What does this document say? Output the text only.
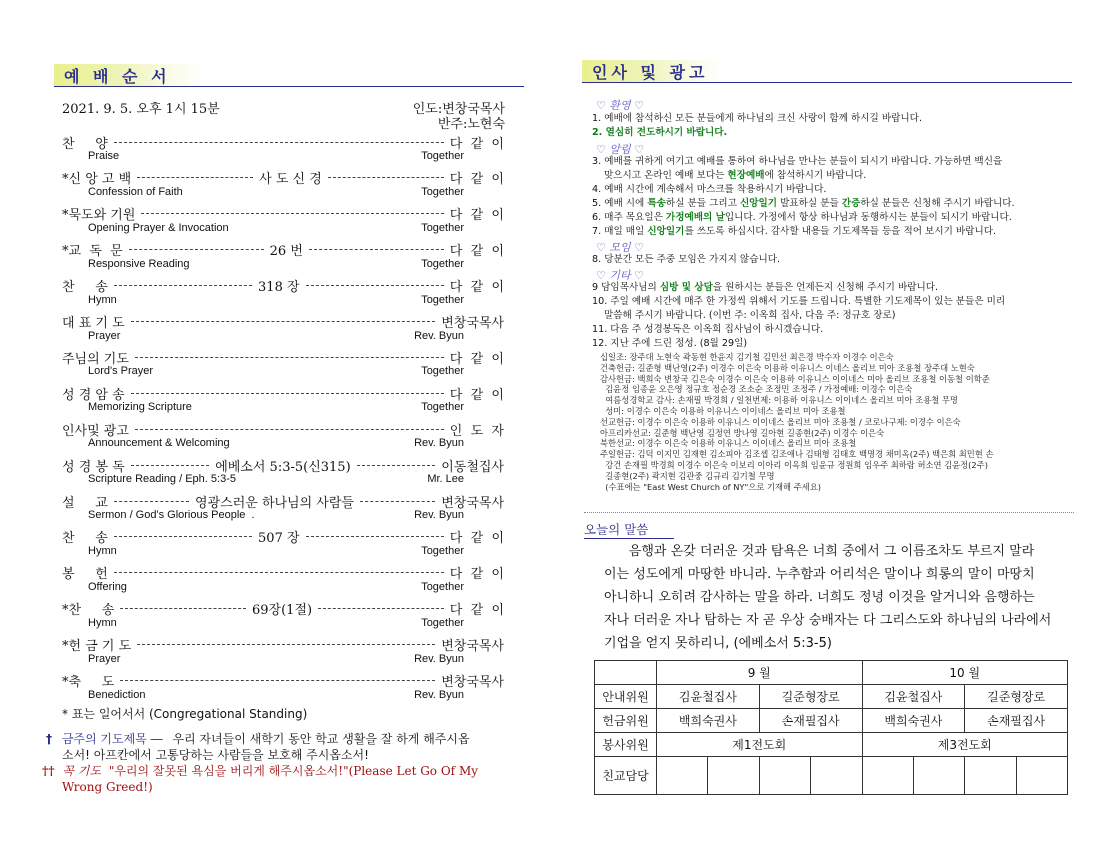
예 배 순 서
2021. 9. 5. 오후 1시 15분	인도:변창국목사
반주:노현숙
찬     양	다  같  이
Praise	Together
*신 앙 고 백	사 도 신 경	다  같  이
Confession of Faith	Together
*묵도와 기원	다  같  이
Opening Prayer & Invocation	Together
*교  독  문	26 번	다  같  이
Responsive Reading	Together
찬     송	318 장	다  같  이
Hymn	Together
대 표 기 도	변창국목사
Prayer	Rev. Byun
주님의 기도	다  같  이
Lord's Prayer	Together
성 경 암 송	다  같  이
Memorizing Scripture	Together
인사및 광고	인  도  자
Announcement & Welcoming	Rev. Byun
성 경 봉 독	에베소서 5:3-5(신315)	이동철집사
Scripture Reading / Eph. 5:3-5	Mr. Lee
설     교	영광스러운 하나님의 사람들	변창국목사
Sermon / God's Glorious People  .	Rev. Byun
찬     송	507 장	다  같  이
Hymn	Together
봉     헌	다  같  이
Offering	Together
*찬     송	69장(1절)	다  같  이
Hymn	Together
*헌 금 기 도	변창국목사
Prayer	Rev. Byun
*축     도	변창국목사
Benediction	Rev. Byun
* 표는 일어서서 (Congregational Standing)
† 금주의 기도제목 ― 우리 자녀들이 새학기 동안 학교 생활을 잘 하게 해주시옵
소서! 아프칸에서 고통당하는 사람들을 보호해 주시옵소서!
†† 꼭 기도 "우리의 잘못된 욕심을 버리게 해주시옵소서!"(Please Let Go Of My
Wrong Greed!)
인사 및 광고
♡ 환영 ♡
1. 예배에 참석하신 모든 분들에게 하나님의 크신 사랑이 함께 하시길 바랍니다.
2. 열심히 전도하시기 바랍니다.
♡ 알림 ♡
3. 예배를 귀하게 여기고 예배를 통하여 하나님을 만나는 분들이 되시기 바랍니다. 가능하면 백신을
맞으시고 온라인 예배 보다는 현장예배에 참석하시기 바랍니다.
4. 예배 시간에 계속해서 마스크를 착용하시기 바랍니다.
5. 예배 시에 특송하실 분들 그리고 신앙일기 발표하실 분들 간증하실 분들은 신청해 주시기 바랍니다.
6. 매주 목요일은 가정예배의 날입니다. 가정에서 항상 하나님과 동행하시는 분들이 되시기 바랍니다.
7. 매일 매일 신앙일기를 쓰도록 하십시다. 감사할 내용들 기도제목들 등을 적어 보시기 바랍니다.
♡ 모임 ♡
8. 당분간 모든 주중 모임은 가지지 않습니다.
♡ 기타 ♡
9 담임목사님의 심방 및 상담을 원하시는 분들은 언제든지 신청해 주시기 바랍니다.
10. 주일 예배 시간에 매주 한 가정씩 위해서 기도를 드립니다. 특별한 기도제목이 있는 분들은 미리
말씀해 주시기 바랍니다. (이번 주: 이옥희 집사, 다음 주: 정규호 장로)
11. 다음 주 성경봉독은 이옥희 집사님이 하시겠습니다.
12. 지난 주에 드린 정성. (8월 29일)
십일조: 장주대 노현숙 곽동현 한윤지 김기철 김민선 최은경 박수자 이경수 이은숙
건축헌금: 길준형 백난영(2주) 이경수 이은숙 이용하 이유니스 이네스 올리브 미아 조용철 장주대 노현숙
감사헌금: 백희숙 변창국 김은숙 이경수 이은숙 이용하 이유니스 이이네스 미아 올리브 조용철 이동철 이학준
김윤정 임종윤 오은영 정규호 정순경 조소순 조정민 조정주 / 가정예배: 이경수 이은숙
여름성경학교 감사: 손재필 박경희 / 일천번제: 이용하 이유니스 이이네스 올리브 미아 조용철 무명
성미: 이경수 이은숙 이용하 이유니스 이이네스 올리브 미아 조용철
선교헌금: 이경수 이은숙 이용하 이유니스 이이네스 올리브 미아 조용철 / 코로나구제: 이경수 이은숙
아프리카선교: 길준형 백난영 김정연 방나영 길아현 길종현(2주) 이경수 이은숙
북한선교: 이경수 이은숙 이용하 이유니스 이이네스 올리브 미아 조용철
주일헌금: 김덕 이지민 김재현 김소피아 김조셉 김조애나 김태형 김태호 백명경 채미옥(2주) 백은희 최민현 손
강건 손재필 박경희 이경수 이은숙 이보리 이아리 이옥희 임윤규 정원희 임우주 최하람 허소연 김윤정(2주)
길종현(2주) 곽지현 김관중 김규리 김기철 무명
(수표에는 "East West Church of NY"으로 기재해 주세요)
오늘의 말씀
음행과 온갖 더러운 것과 탐욕은 너희 중에서 그 이름조차도 부르지 말라
이는 성도에게 마땅한 바니라. 누추함과 어리석은 말이나 희롱의 말이 마땅치
아니하니 오히려 감사하는 말을 하라. 너희도 정녕 이것을 알거니와 음행하는
자나 더러운 자나 탐하는 자 곧 우상 숭배자는 다 그리스도와 하나님의 나라에서
기업을 얻지 못하리니, (에베소서 5:3-5)
	9 월				10 월			
안내위원	김윤철집사		길준형장로		김윤철집사		길준형장로	
헌금위원	백희숙권사		손재필집사		백희숙권사		손재필집사	
봉사위원	제1전도회				제3전도회			
친교담당								
